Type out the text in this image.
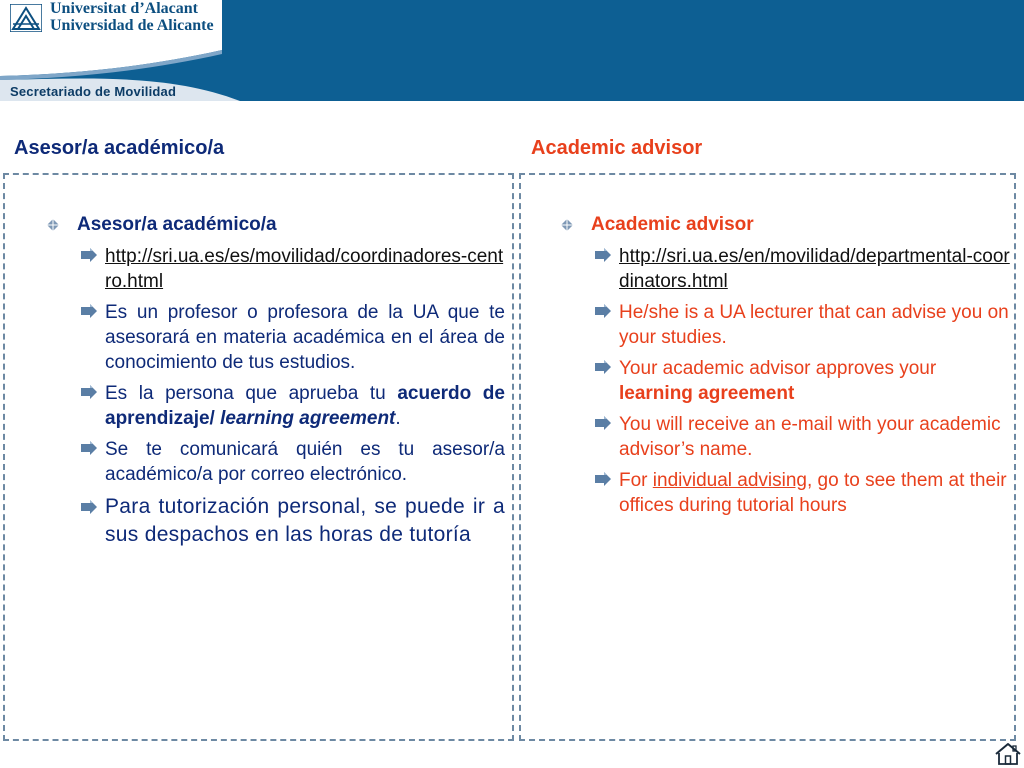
Universitat d’Alacant
Universidad de Alicante
Secretariado de Movilidad
Asesor/a académico/a	Academic advisor
Asesor/a académico/a
http://sri.ua.es/es/movilidad/coordinadores-centro.html
Es un profesor o profesora de la UA que te asesorará en materia académica en el área de conocimiento de tus estudios.
Es la persona que aprueba tu acuerdo de aprendizaje/ learning agreement.
Se te comunicará quién es tu asesor/a académico/a por correo electrónico.
Para tutorización personal, se puede ir a sus despachos en las horas de tutoría
Academic advisor
http://sri.ua.es/en/movilidad/departmental-coordinators.html
He/she is a UA lecturer that can advise you on your studies.
Your academic advisor approves your learning agreement
You will receive an e-mail with your academic advisor’s name.
For individual advising, go to see them at their offices during tutorial hours
